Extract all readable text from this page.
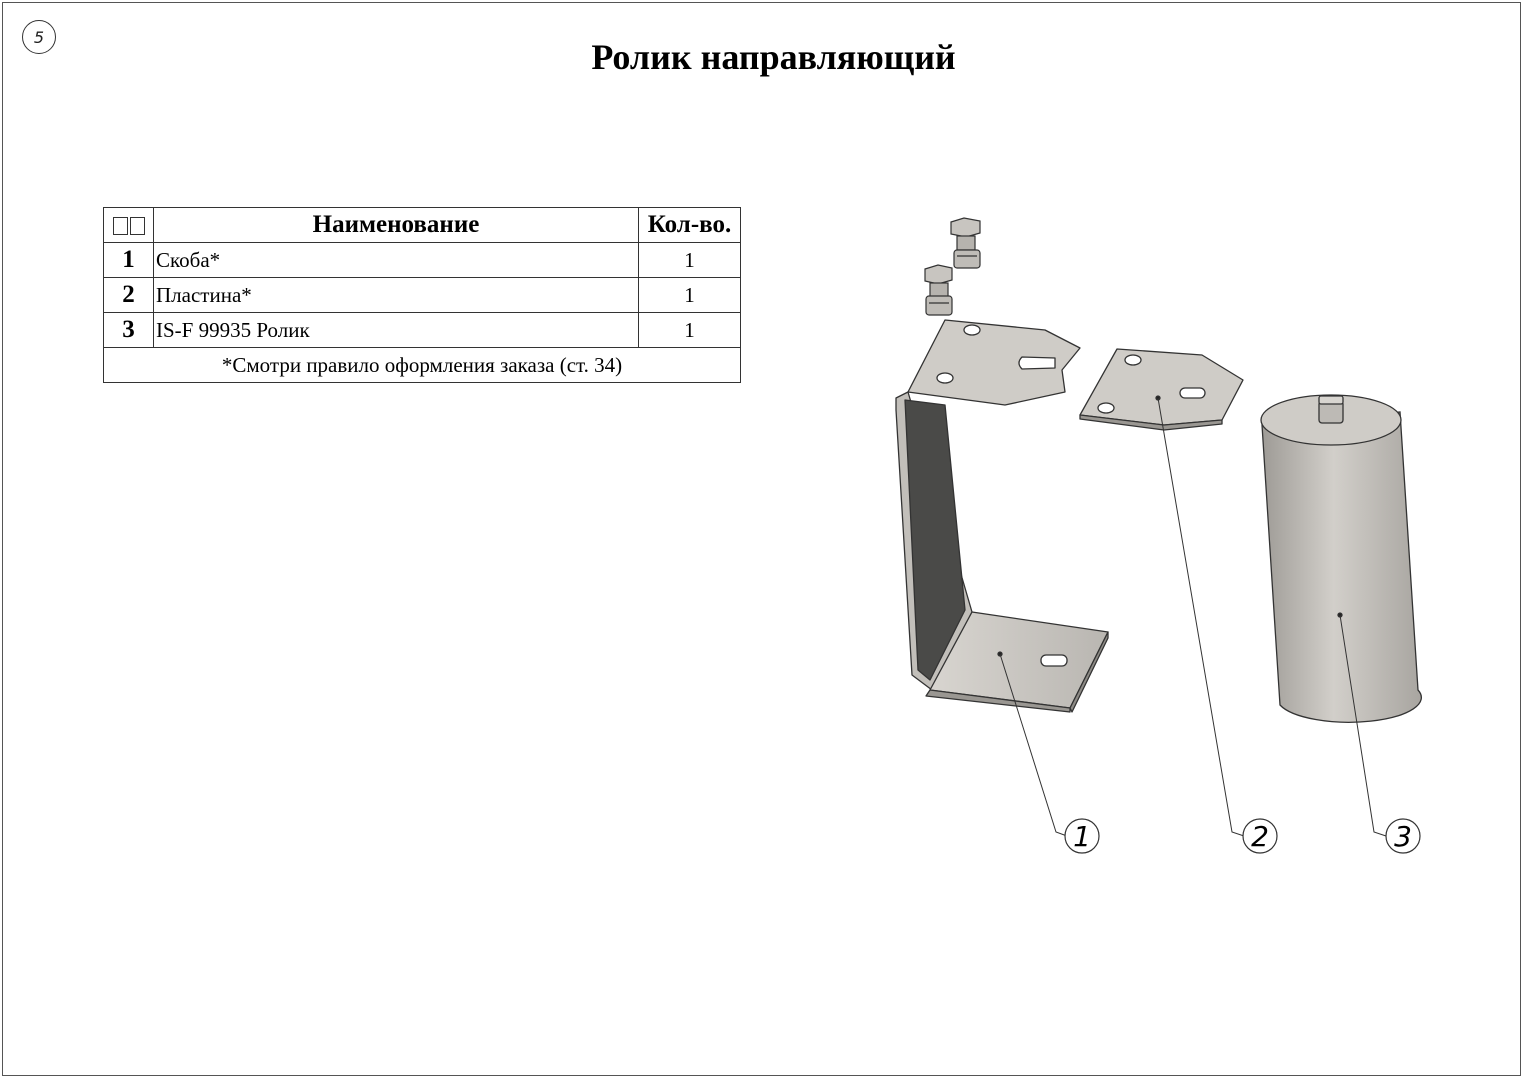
5	Ролик направляющий
	Наименование	Кол-во.
1	Скоба*	1
2	Пластина*	1
3	IS-F 99935 Ролик	1
*Смотри правило оформления заказа (ст. 34)		
1	2	3
